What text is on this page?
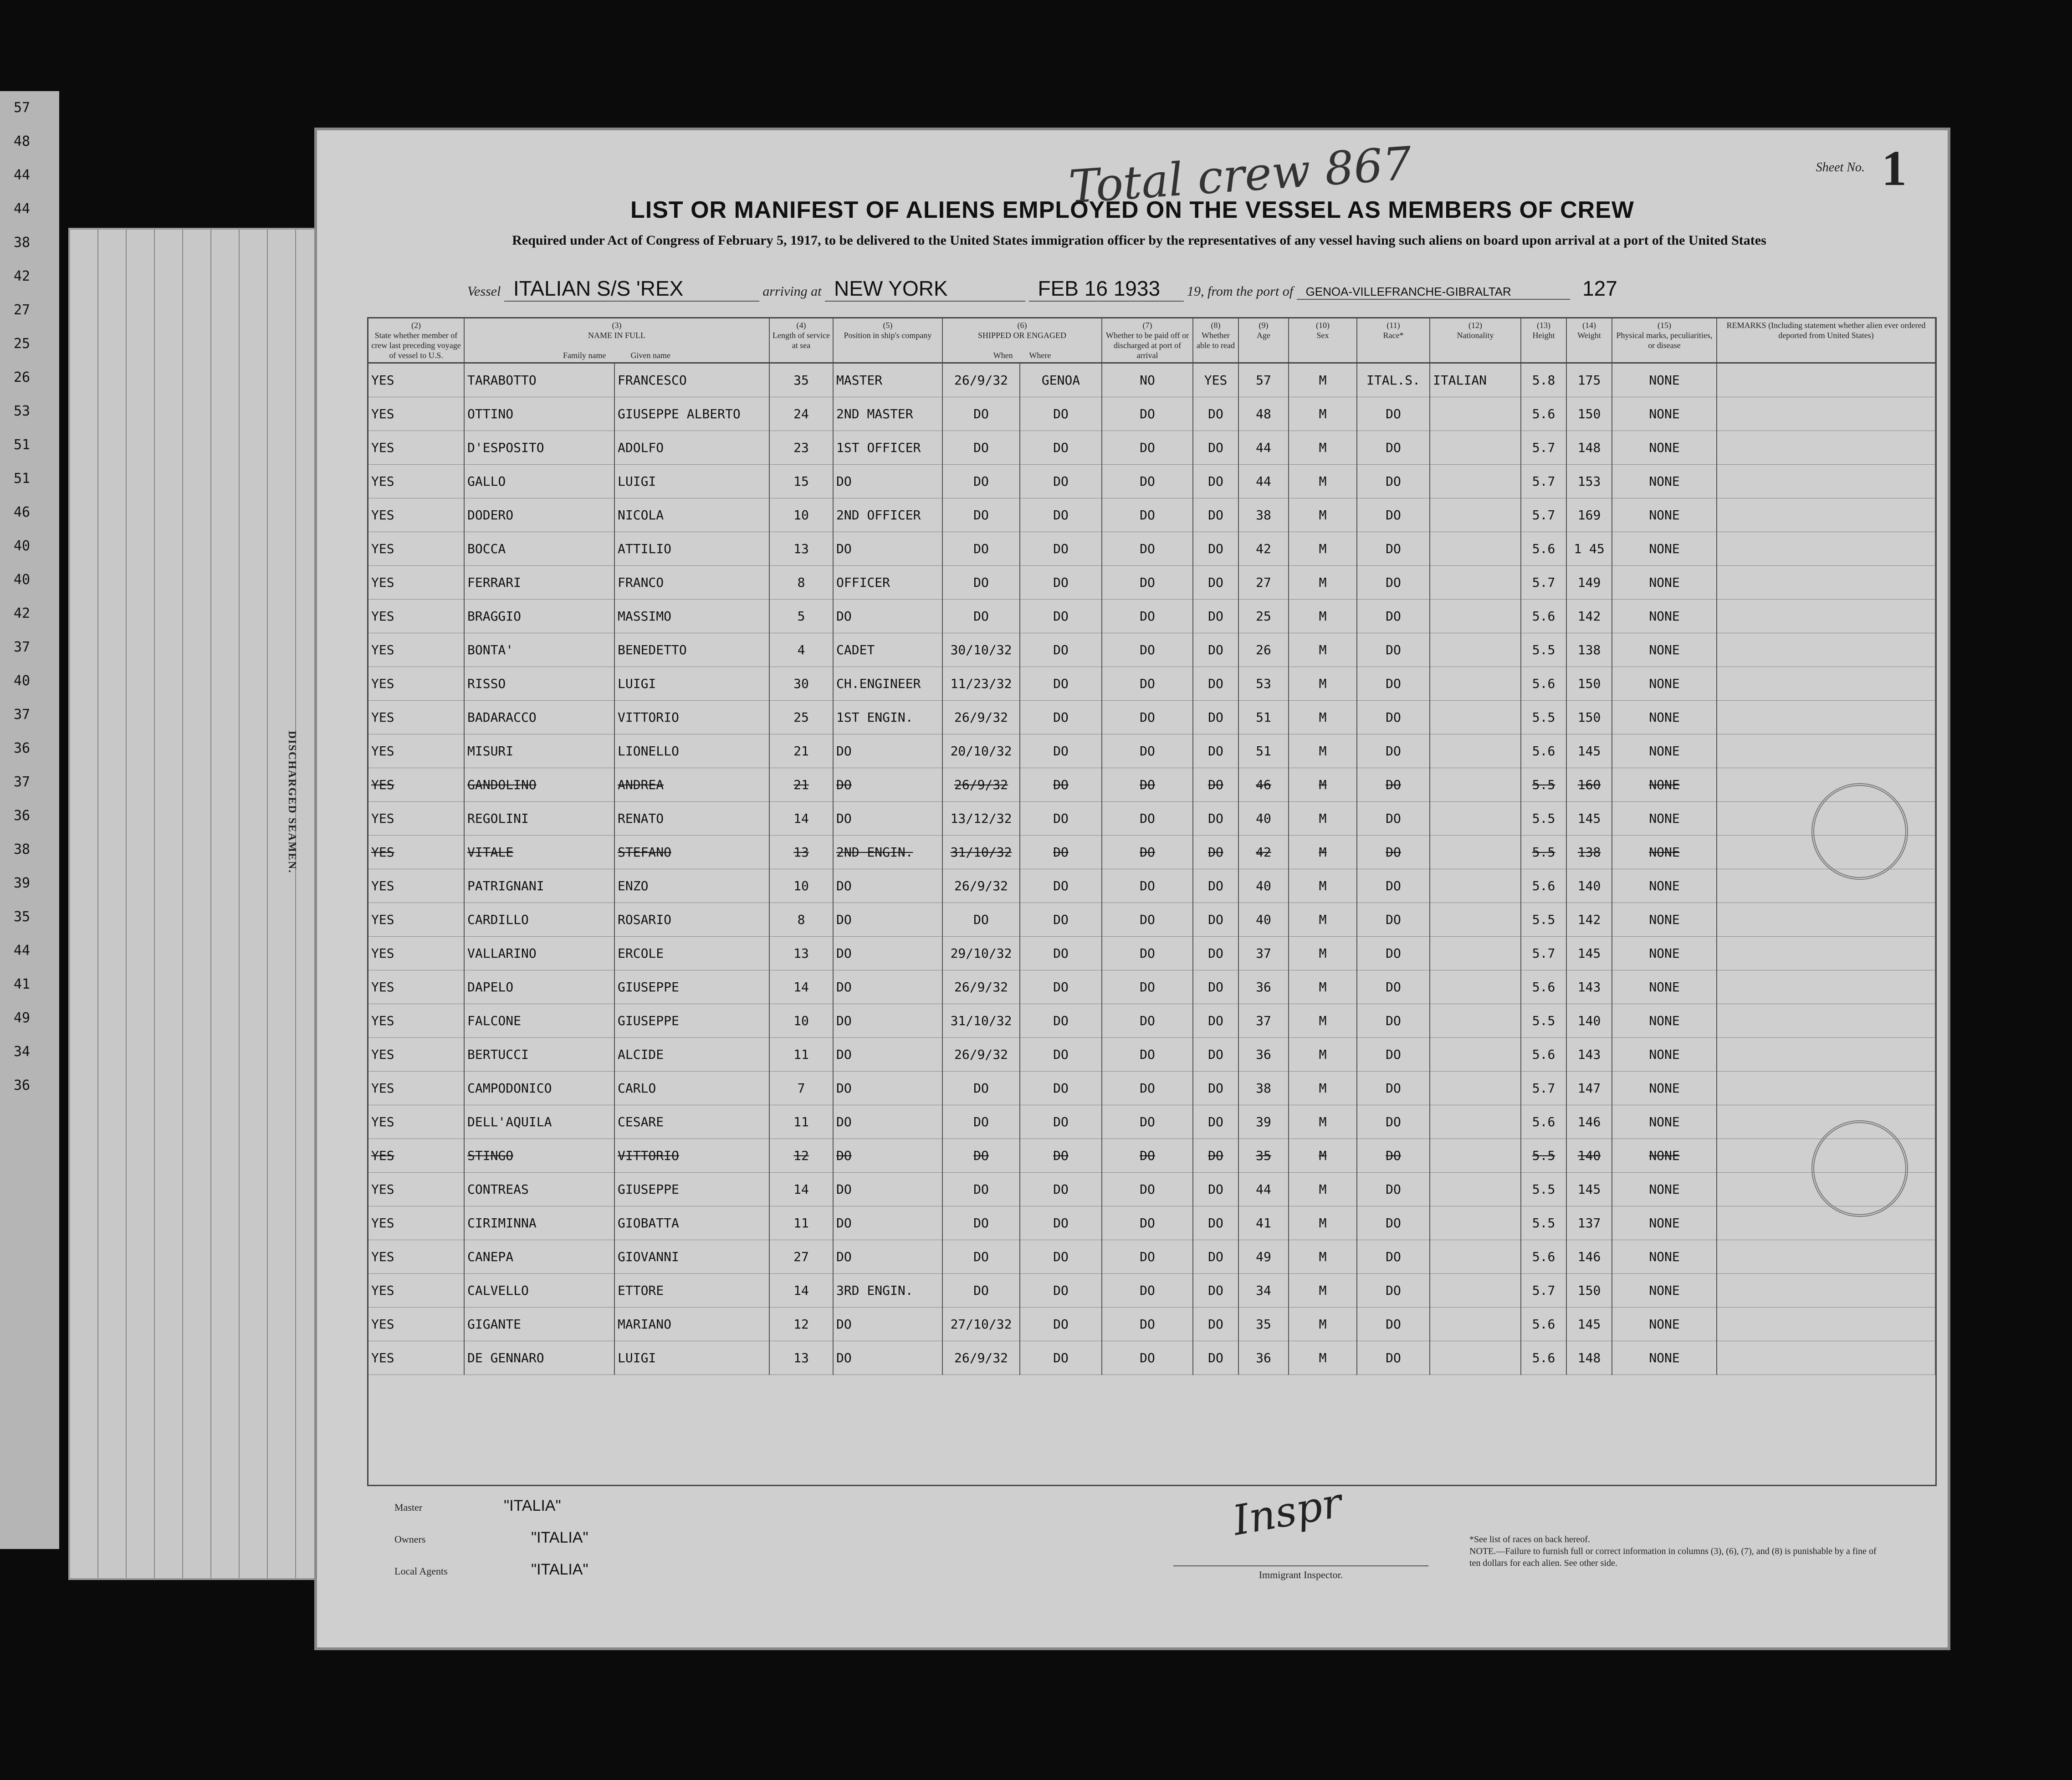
57
48
44
44
38
42
27
25
26
53
51
51
46
40
40
42
37
40
37
36
37
36
38
39
35
44
41
49
34
36
DISCHARGED SEAMEN.
Total crew 867	Sheet No. 1
LIST OR MANIFEST OF ALIENS EMPLOYED ON THE VESSEL AS MEMBERS OF CREW
Required under Act of Congress of February 5, 1917, to be delivered to the United States immigration officer by the representatives of any vessel having such aliens on board upon arrival at a port of the United States
Vessel ITALIAN S/S 'REX	arriving at NEW YORK	FEB 16 1933 19, from the port of GENOA-VILLEFRANCHE-GIBRALTAR	127
(2)
State whether member of crew last preceding voyage of vessel to U.S.	(3)
NAME IN FULL

Family name Given name		(4)
Length of service at sea	(5)
Position in ship's company	(6)
SHIPPED OR ENGAGED

When Where		(7)
Whether to be paid off or discharged at port of arrival	(8)
Whether able to read	(9)
Age	(10)
Sex	(11)
Race*	(12)
Nationality	(13)
Height	(14)
Weight	(15)
Physical marks, peculiarities, or disease	REMARKS (Including statement whether alien ever ordered deported from United States)
YES	TARABOTTO	FRANCESCO	35	MASTER	26/9/32	GENOA	NO	YES	57	M	ITAL.S.	ITALIAN	5.8	175	NONE	
YES	OTTINO	GIUSEPPE ALBERTO	24	2ND MASTER	DO	DO	DO	DO	48	M	DO		5.6	150	NONE	
YES	D'ESPOSITO	ADOLFO	23	1ST OFFICER	DO	DO	DO	DO	44	M	DO		5.7	148	NONE	
YES	GALLO	LUIGI	15	DO	DO	DO	DO	DO	44	M	DO		5.7	153	NONE	
YES	DODERO	NICOLA	10	2ND OFFICER	DO	DO	DO	DO	38	M	DO		5.7	169	NONE	
YES	BOCCA	ATTILIO	13	DO	DO	DO	DO	DO	42	M	DO		5.6	1 45	NONE	
YES	FERRARI	FRANCO	8	OFFICER	DO	DO	DO	DO	27	M	DO		5.7	149	NONE	
YES	BRAGGIO	MASSIMO	5	DO	DO	DO	DO	DO	25	M	DO		5.6	142	NONE	
YES	BONTA'	BENEDETTO	4	CADET	30/10/32	DO	DO	DO	26	M	DO		5.5	138	NONE	
YES	RISSO	LUIGI	30	CH.ENGINEER	11/23/32	DO	DO	DO	53	M	DO		5.6	150	NONE	
YES	BADARACCO	VITTORIO	25	1ST ENGIN.	26/9/32	DO	DO	DO	51	M	DO		5.5	150	NONE	
YES	MISURI	LIONELLO	21	DO	20/10/32	DO	DO	DO	51	M	DO		5.6	145	NONE	
YES	GANDOLINO	ANDREA	21	DO	26/9/32	DO	DO	DO	46	M	DO		5.5	160	NONE	
YES	REGOLINI	RENATO	14	DO	13/12/32	DO	DO	DO	40	M	DO		5.5	145	NONE	
YES	VITALE	STEFANO	13	2ND ENGIN.	31/10/32	DO	DO	DO	42	M	DO		5.5	138	NONE	
YES	PATRIGNANI	ENZO	10	DO	26/9/32	DO	DO	DO	40	M	DO		5.6	140	NONE	
YES	CARDILLO	ROSARIO	8	DO	DO	DO	DO	DO	40	M	DO		5.5	142	NONE	
YES	VALLARINO	ERCOLE	13	DO	29/10/32	DO	DO	DO	37	M	DO		5.7	145	NONE	
YES	DAPELO	GIUSEPPE	14	DO	26/9/32	DO	DO	DO	36	M	DO		5.6	143	NONE	
YES	FALCONE	GIUSEPPE	10	DO	31/10/32	DO	DO	DO	37	M	DO		5.5	140	NONE	
YES	BERTUCCI	ALCIDE	11	DO	26/9/32	DO	DO	DO	36	M	DO		5.6	143	NONE	
YES	CAMPODONICO	CARLO	7	DO	DO	DO	DO	DO	38	M	DO		5.7	147	NONE	
YES	DELL'AQUILA	CESARE	11	DO	DO	DO	DO	DO	39	M	DO		5.6	146	NONE	
YES	STINGO	VITTORIO	12	DO	DO	DO	DO	DO	35	M	DO		5.5	140	NONE	
YES	CONTREAS	GIUSEPPE	14	DO	DO	DO	DO	DO	44	M	DO		5.5	145	NONE	
YES	CIRIMINNA	GIOBATTA	11	DO	DO	DO	DO	DO	41	M	DO		5.5	137	NONE	
YES	CANEPA	GIOVANNI	27	DO	DO	DO	DO	DO	49	M	DO		5.6	146	NONE	
YES	CALVELLO	ETTORE	14	3RD ENGIN.	DO	DO	DO	DO	34	M	DO		5.7	150	NONE	
YES	GIGANTE	MARIANO	12	DO	27/10/32	DO	DO	DO	35	M	DO		5.6	145	NONE	
YES	DE GENNARO	LUIGI	13	DO	26/9/32	DO	DO	DO	36	M	DO		5.6	148	NONE	
Inspr
Master	"ITALIA"
Owners	"ITALIA"
Local Agents	"ITALIA"	Immigrant Inspector.
*See list of races on back hereof.
NOTE.—Failure to furnish full or correct information in columns (3), (6), (7), and (8) is punishable by a fine of ten dollars for each alien. See other side.
